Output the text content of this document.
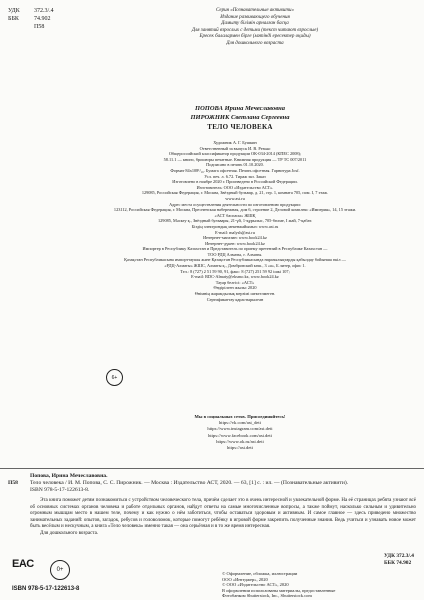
УДК 372.3/.4
ББК	74.902
П58
Серия «Познавательные активити»
Издание развивающего обучения
Дамыту білімін арналған басқа
Для занятий взрослых с детьми (текст читают взрослые)
Ересек балалармен бірге (мәтінді ересектер оқиды)
Для дошкольного возраста
ПОПОВА Ирина Мечеславовна
ПИРОЖНИК Светлана Сергеевна
ТЕЛО ЧЕЛОВЕКА
Художник А. Г. Бушкин
Ответственный за выпуск И. В. Резько
Общероссийский классификатор продукции ОК-034-2014 (КПЕС 2008);
58.11.1 — книги, брошюры печатные. Книжная продукция — ТР ТС 007/2011
Подписано в печать 01.10.2020.
Формат 84x108¹/₁₆. Бумага офсетная. Печать офсетная. Гарнитура Josf.
Усл. печ. л. 6.72. Тираж экз. Заказ
Изготовлено в ноябре 2020 г. Произведено в Российской Федерации.
Изготовитель: ООО «Издательство АСТ».
129085, Российская Федерация, г. Москва, Звёздный бульвар, д. 21, стр. 1, комната 705, пом. I, 7 этаж.
www.ast.ru
Адрес места осуществления деятельности по изготовлению продукции:
123112, Российская Федерация, г. Москва, Пресненская набережная, дом 6, строение 2, Деловой комплекс «Империя», 14, 15 этажи.
«АСТ баспасы» ЖШҚ
129085, Мәскеу қ., Звёздный бульвары, 21-үй, 1-құрылыс, 705-бөлме, I жай, 7-қабат.
Біздің электрондық мекенжайымыз: www.ast.ru
E-mail: malysh@ast.ru
Интернет-магазин: www.book24.kz
Интернет-дүкен: www.book24.kz
Импортер в Республику Казахстан и Представитель по приему претензий в Республике Казахстан —
ТОО РДЦ Алматы, г. Алматы.
Қазақстан Республикасына импорттаушы және Қазақстан Республикасында наразылықтарды қабылдау бойынша өкіл —
«РДЦ-Алматы» ЖШС, Алматы қ., Домбровский көш., 3 «а», Б литер, офис 1.
Тел.: 8 (727) 2 51 59 90, 91, факс: 8 (727) 251 59 92 ішкі 107;
E-mail: RDC-Almaty@eksmo.kz, www.book24.kz
Тауар белгісі: «АСТ»
Өндірілген жылы: 2020
Өнімнің жарамдылық мерзімі шектелмеген.
Сертификаттау қарастырылған
6+
Мы в социальных сетях. Присоединяйтесь!
https://vk.com/ast_deti
https://www.instagram.com/ast.deti
https://www.facebook.com/ast.deti
https://www.ok.ru/ast.deti
https://ast.deti
Попова, Ирина Мечеславовна.
П58	Тело человека / И. М. Попова, С. С. Пирожник. — Москва : Издательство АСТ, 2020. — 63, [1] с. : ил. — (Познавательные активити).
ISBN 978-5-17-122613-8.
Эта книга поможет детям познакомиться с устройством человеческого тела, причём сделает это в очень интересной и увлекательной форме. На её страницах ребята узнают всё об основных системах органов человека и работе отдельных органов, найдут ответы на самые многочисленные вопросы, а также поймут, насколько сильным и удивительно огромным мышцам место в нашем теле, почему и как нужно о нём заботиться, чтобы оставаться здоровым и активным. И самое главное — здесь приведено множество занимательных заданий: опытов, загадок, ребусов и головоломок, которые помогут ребёнку в игровой форме закрепить полученные знания. Ведь учиться и узнавать новое может быть весёлым и нескучным, а книга «Тело человека» именно такая — она серьёзная и в то же время интересная.
Для дошкольного возраста.
УДК 372.3/.4
ББК 74.902
EAC	0+
ISBN 978-5-17-122613-8
© Оформление, обложка, иллюстрации
ООО «Интеджер», 2020
© ООО «Издательство АСТ», 2020
В оформлении использованы материалы, предоставленные
Фотобанком Shutterstock, Inc., Shutterstock.com
